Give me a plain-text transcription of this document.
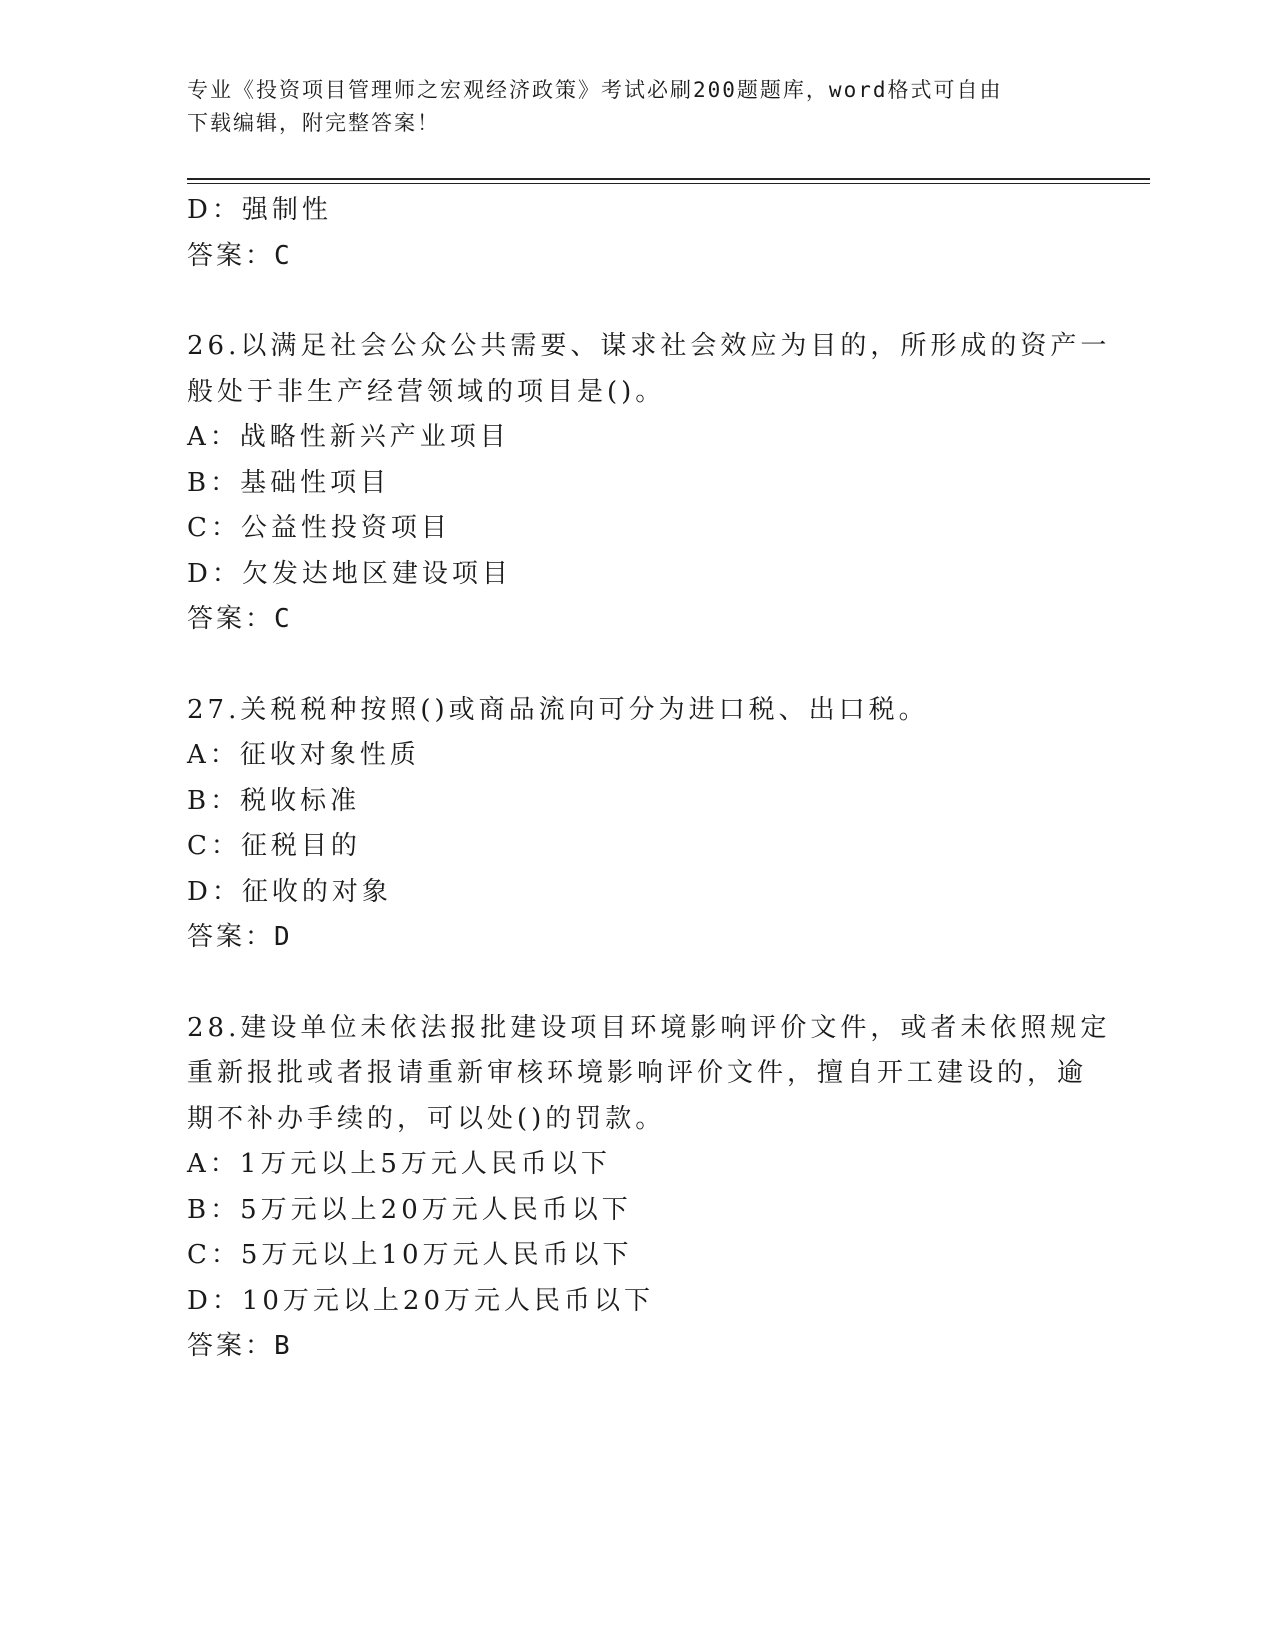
专业《投资项目管理师之宏观经济政策》考试必刷200题题库，word格式可自由
下载编辑，附完整答案！
D：强制性
答案：C
26.以满足社会公众公共需要、谋求社会效应为目的，所形成的资产一
般处于非生产经营领域的项目是()。
A：战略性新兴产业项目
B：基础性项目
C：公益性投资项目
D：欠发达地区建设项目
答案：C
27.关税税种按照()或商品流向可分为进口税、出口税。
A：征收对象性质
B：税收标准
C：征税目的
D：征收的对象
答案：D
28.建设单位未依法报批建设项目环境影响评价文件，或者未依照规定
重新报批或者报请重新审核环境影响评价文件，擅自开工建设的，逾
期不补办手续的，可以处()的罚款。
A：1万元以上5万元人民币以下
B：5万元以上20万元人民币以下
C：5万元以上10万元人民币以下
D：10万元以上20万元人民币以下
答案：B
